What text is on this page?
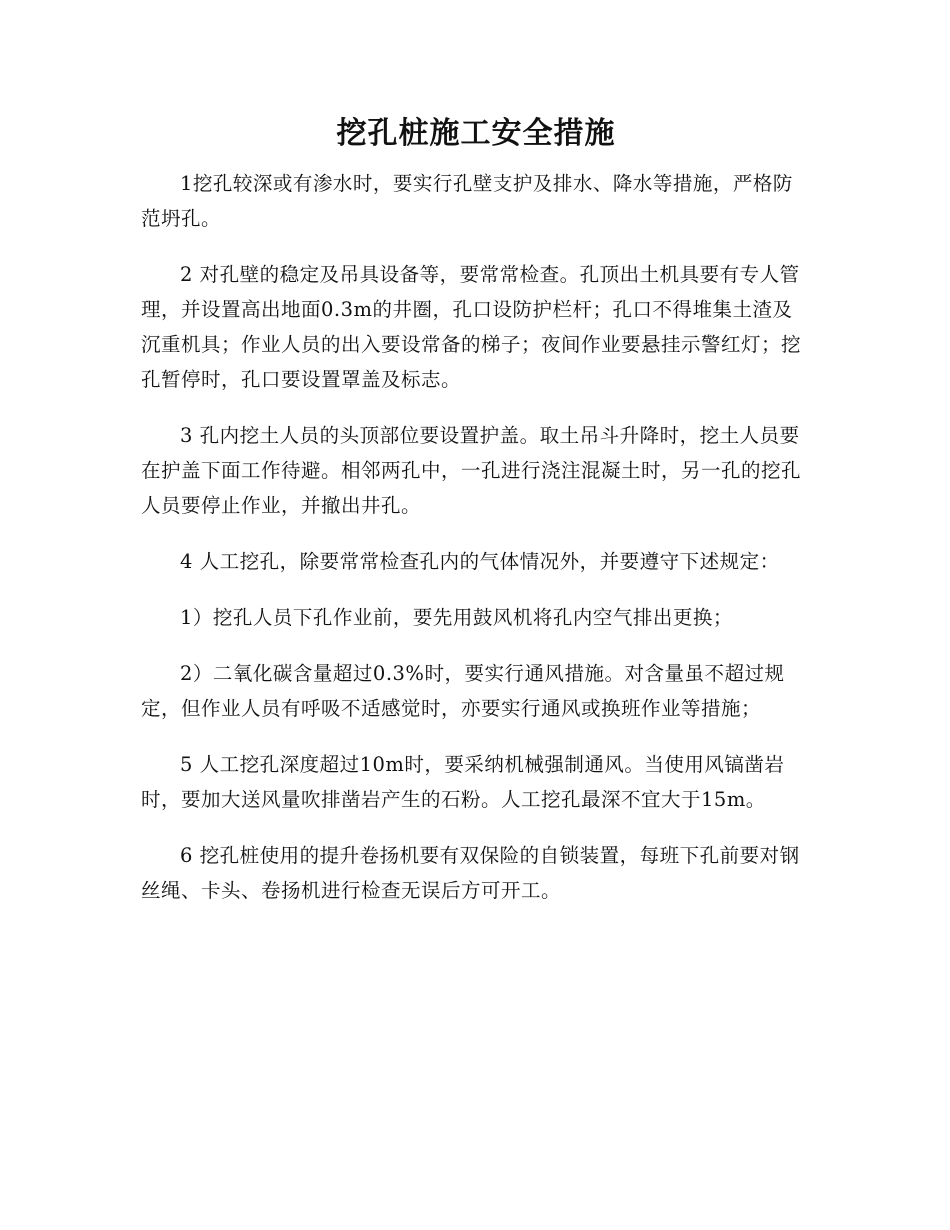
挖孔桩施工安全措施

1挖孔较深或有渗水时，要实行孔壁支护及排水、降水等措施，严格防范坍孔。

2 对孔壁的稳定及吊具设备等，要常常检查。孔顶出土机具要有专人管理，并设置高出地面0.3m的井圈，孔口设防护栏杆；孔口不得堆集土渣及沉重机具；作业人员的出入要设常备的梯子；夜间作业要悬挂示警红灯；挖孔暂停时，孔口要设置罩盖及标志。

3 孔内挖土人员的头顶部位要设置护盖。取土吊斗升降时，挖土人员要在护盖下面工作待避。相邻两孔中，一孔进行浇注混凝土时，另一孔的挖孔人员要停止作业，并撤出井孔。

4 人工挖孔，除要常常检查孔内的气体情况外，并要遵守下述规定：

1）挖孔人员下孔作业前，要先用鼓风机将孔内空气排出更换；

2）二氧化碳含量超过0.3%时，要实行通风措施。对含量虽不超过规定，但作业人员有呼吸不适感觉时，亦要实行通风或换班作业等措施；

5 人工挖孔深度超过10m时，要采纳机械强制通风。当使用风镐凿岩时，要加大送风量吹排凿岩产生的石粉。人工挖孔最深不宜大于15m。

6 挖孔桩使用的提升卷扬机要有双保险的自锁装置，每班下孔前要对钢丝绳、卡头、卷扬机进行检查无误后方可开工。
